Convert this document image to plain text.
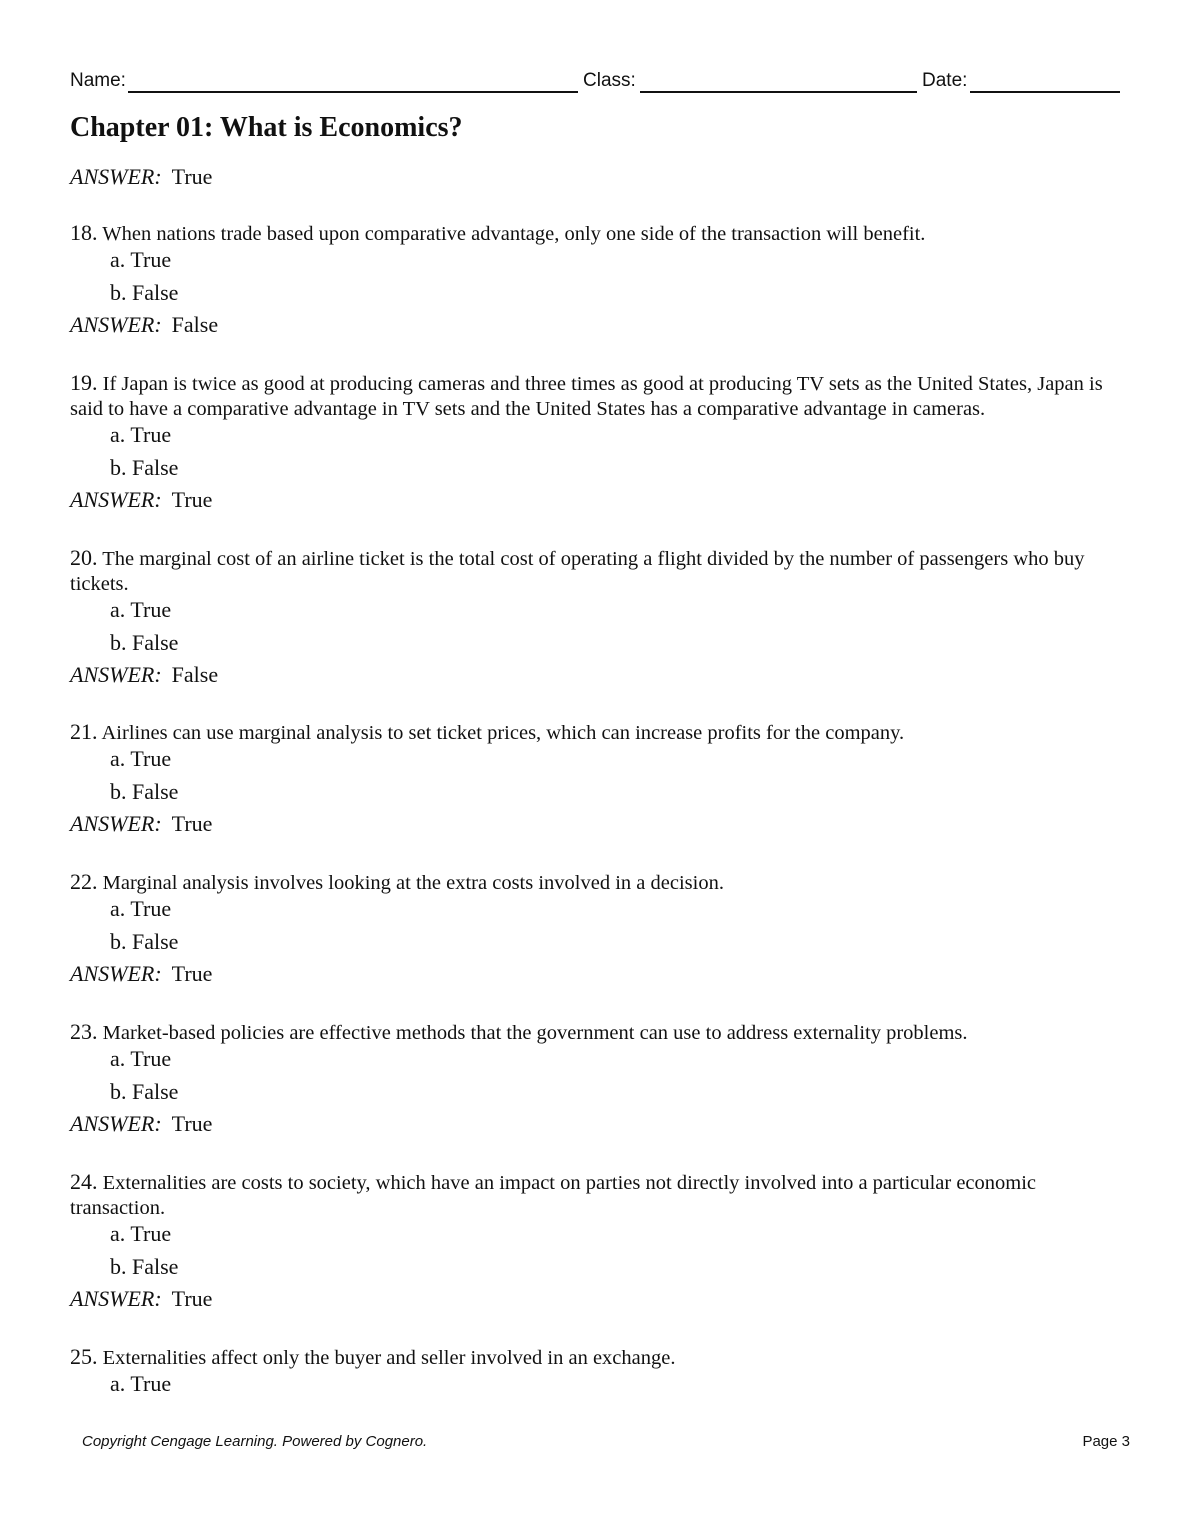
Name:	Class:	Date:
Chapter 01: What is Economics?
ANSWER: True
18. When nations trade based upon comparative advantage, only one side of the transaction will benefit.
a. True
b. False
ANSWER: False
19. If Japan is twice as good at producing cameras and three times as good at producing TV sets as the United States, Japan is said to have a comparative advantage in TV sets and the United States has a comparative advantage in cameras.
a. True
b. False
ANSWER: True
20. The marginal cost of an airline ticket is the total cost of operating a flight divided by the number of passengers who buy tickets.
a. True
b. False
ANSWER: False
21. Airlines can use marginal analysis to set ticket prices, which can increase profits for the company.
a. True
b. False
ANSWER: True
22. Marginal analysis involves looking at the extra costs involved in a decision.
a. True
b. False
ANSWER: True
23. Market-based policies are effective methods that the government can use to address externality problems.
a. True
b. False
ANSWER: True
24. Externalities are costs to society, which have an impact on parties not directly involved into a particular economic transaction.
a. True
b. False
ANSWER: True
25. Externalities affect only the buyer and seller involved in an exchange.
a. True
Copyright Cengage Learning. Powered by Cognero.	Page 3
